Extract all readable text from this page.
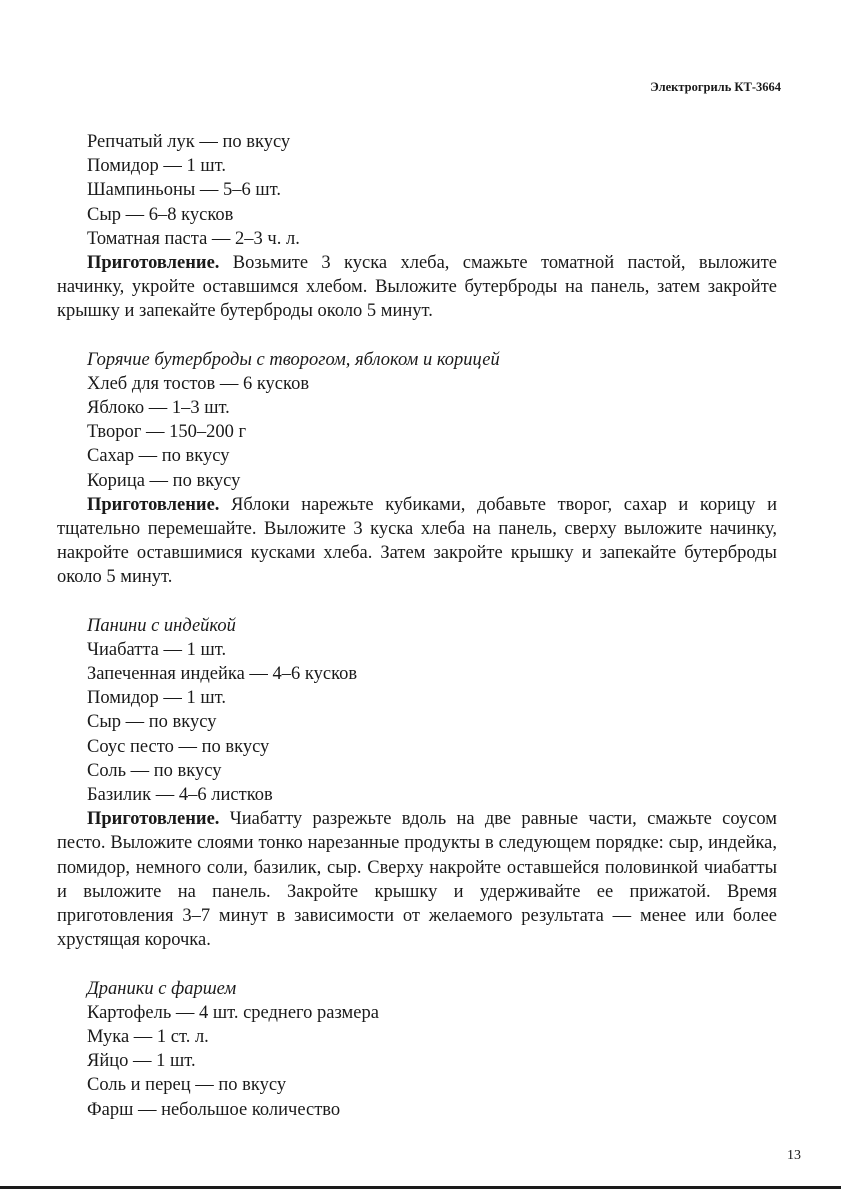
Электрогриль КТ-3664
Репчатый лук — по вкусу
Помидор — 1 шт.
Шампиньоны — 5–6 шт.
Сыр — 6–8 кусков
Томатная паста — 2–3 ч. л.
Приготовление. Возьмите 3 куска хлеба, смажьте томатной пастой, выложите начинку, укройте оставшимся хлебом. Выложите бутерброды на панель, затем закройте крышку и запекайте бутерброды около 5 минут.
Горячие бутерброды с творогом, яблоком и корицей
Хлеб для тостов — 6 кусков
Яблоко — 1–3 шт.
Творог — 150–200 г
Сахар — по вкусу
Корица — по вкусу
Приготовление. Яблоки нарежьте кубиками, добавьте творог, сахар и корицу и тщательно перемешайте. Выложите 3 куска хлеба на панель, сверху выложите начинку, накройте оставшимися кусками хлеба. Затем закройте крышку и запекайте бутерброды около 5 минут.
Панини с индейкой
Чиабатта — 1 шт.
Запеченная индейка — 4–6 кусков
Помидор — 1 шт.
Сыр — по вкусу
Соус песто — по вкусу
Соль — по вкусу
Базилик — 4–6 листков
Приготовление. Чиабатту разрежьте вдоль на две равные части, смажьте соусом песто. Выложите слоями тонко нарезанные продукты в следующем порядке: сыр, индейка, помидор, немного соли, базилик, сыр. Сверху накройте оставшейся половинкой чиабатты и выложите на панель. Закройте крышку и удерживайте ее прижатой. Время приготовления 3–7 минут в зависимости от желаемого результата — менее или более хрустящая корочка.
Драники с фаршем
Картофель — 4 шт. среднего размера
Мука — 1 ст. л.
Яйцо — 1 шт.
Соль и перец — по вкусу
Фарш — небольшое количество
13
